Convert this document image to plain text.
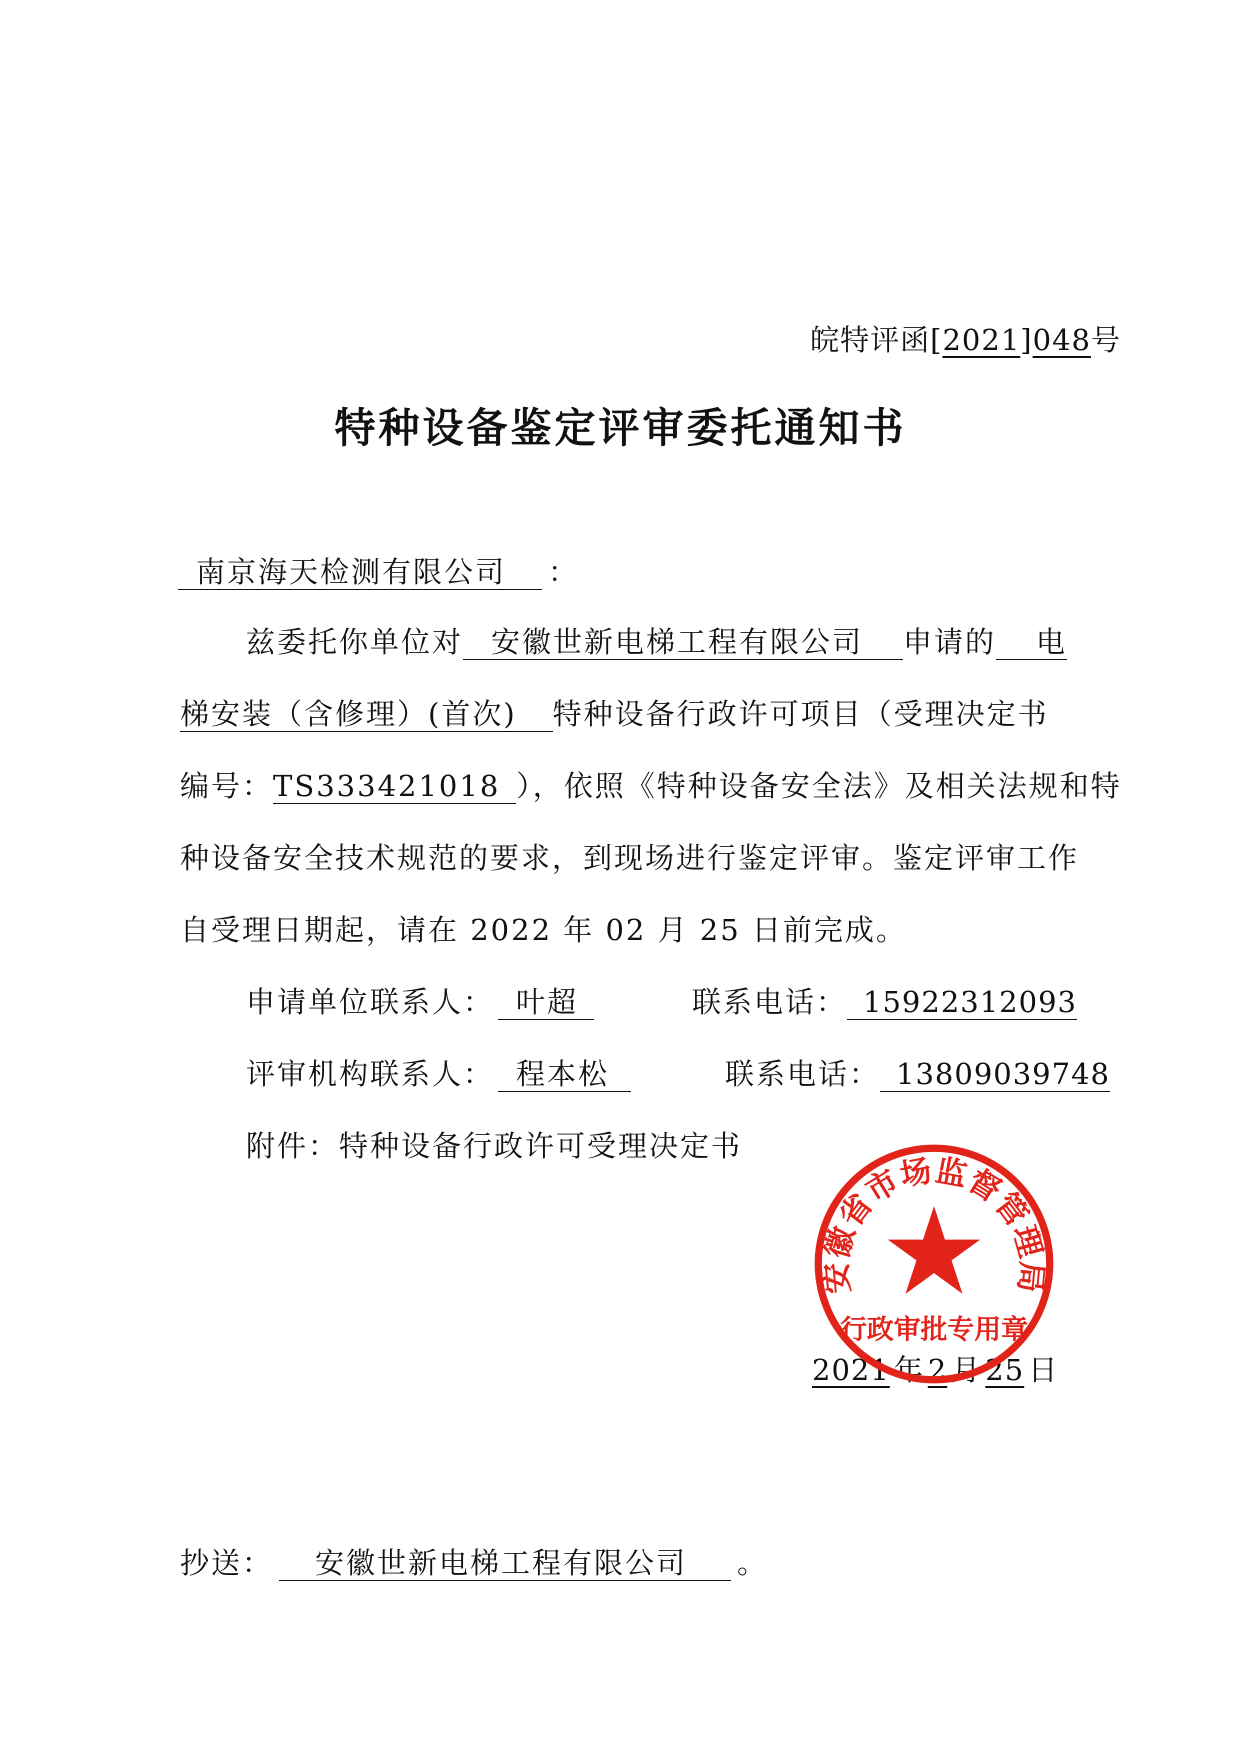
皖特评函[2021]048号
特种设备鉴定评审委托通知书
南京海天检测有限公司 ：
兹委托你单位对 安徽世新电梯工程有限公司 申请的 电
梯安装（含修理）(首次) 特种设备行政许可项目（受理决定书
编号：TS333421018 ），依照《特种设备安全法》及相关法规和特
种设备安全技术规范的要求，到现场进行鉴定评审。鉴定评审工作
自受理日期起，请在 2022 年 02 月 25 日前完成。
申请单位联系人： 叶超	联系电话： 15922312093
评审机构联系人： 程本松	联系电话： 13809039748
附件：特种设备行政许可受理决定书
2021 年 2 月 25 日
安徽省市场监督管理局
行政审批专用章
抄送： 安徽世新电梯工程有限公司 。
